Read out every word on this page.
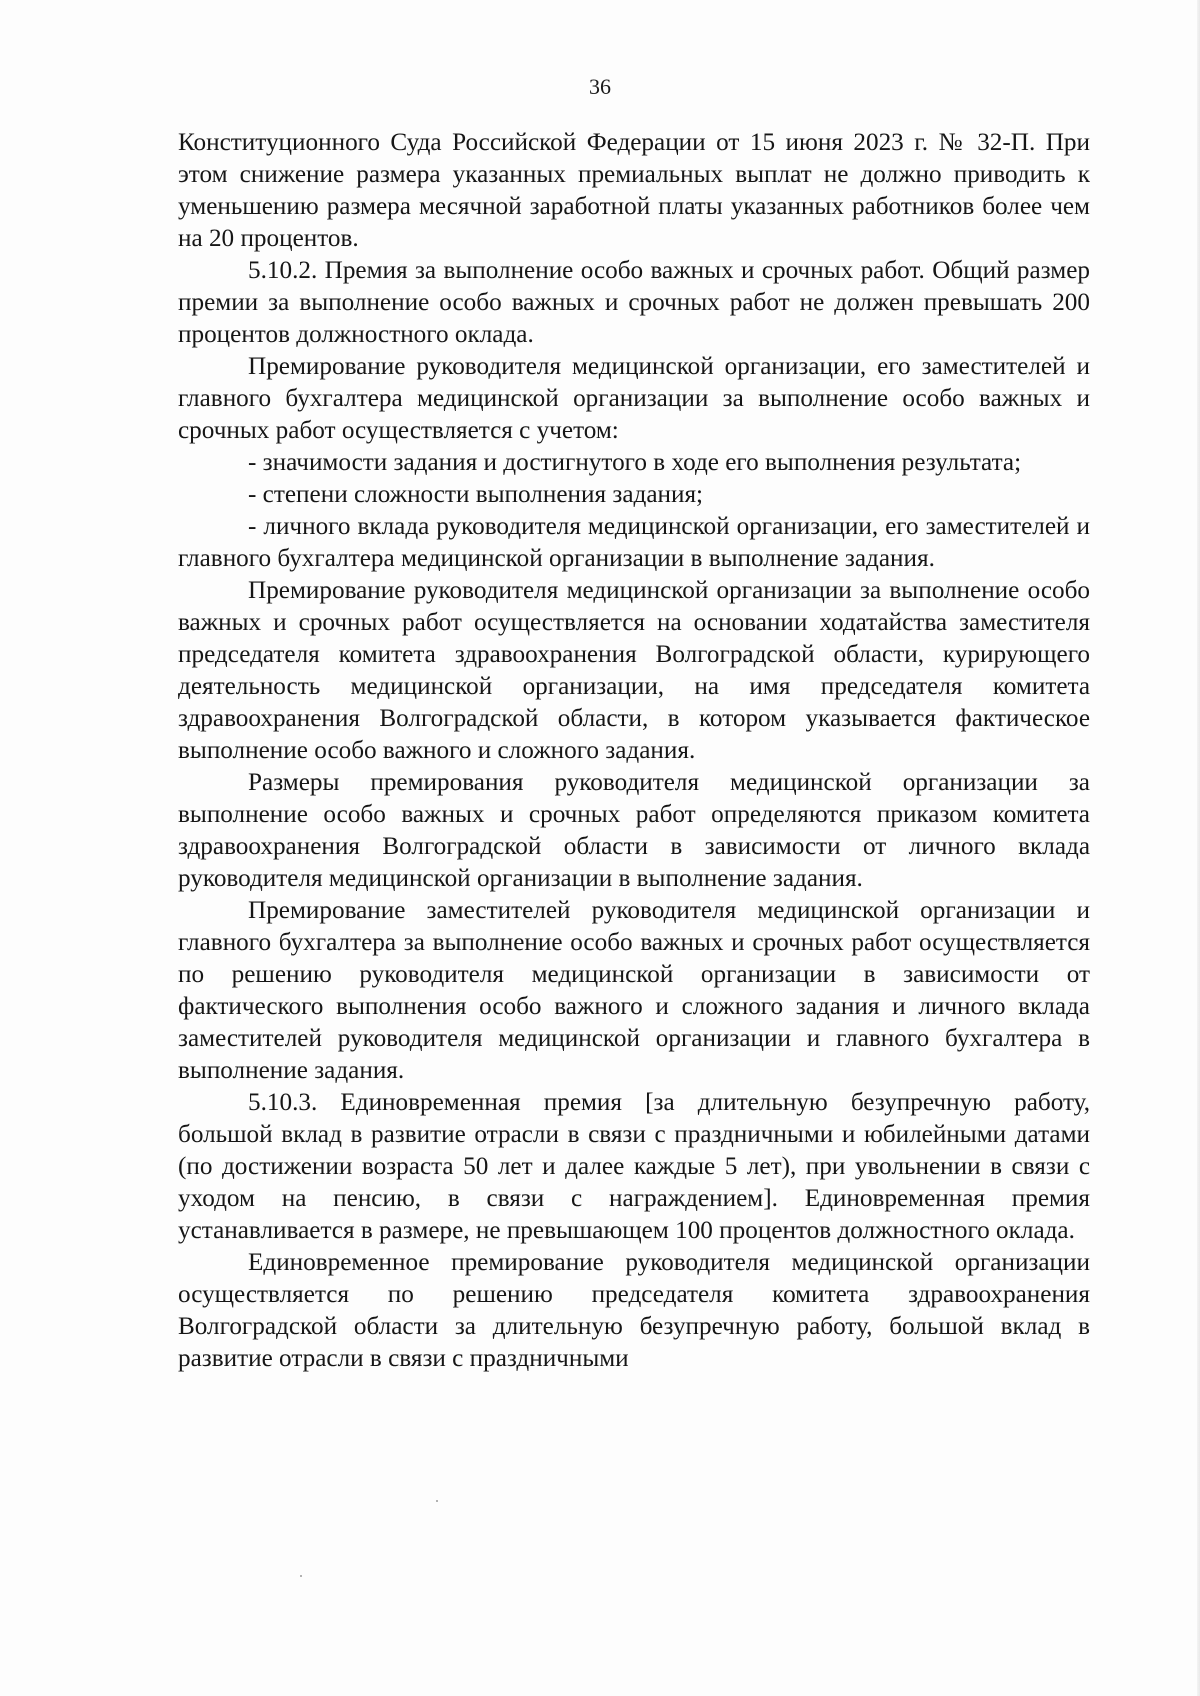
36

Конституционного Суда Российской Федерации от 15 июня 2023 г. № 32-П. При этом снижение размера указанных премиальных выплат не должно приводить к уменьшению размера месячной заработной платы указанных работников более чем на 20 процентов.

5.10.2. Премия за выполнение особо важных и срочных работ. Общий размер премии за выполнение особо важных и срочных работ не должен превышать 200 процентов должностного оклада.

Премирование руководителя медицинской организации, его заместителей и главного бухгалтера медицинской организации за выполнение особо важных и срочных работ осуществляется с учетом:

- значимости задания и достигнутого в ходе его выполнения результата;

- степени сложности выполнения задания;

- личного вклада руководителя медицинской организации, его заместителей и главного бухгалтера медицинской организации в выполнение задания.

Премирование руководителя медицинской организации за выполнение особо важных и срочных работ осуществляется на основании ходатайства заместителя председателя комитета здравоохранения Волгоградской области, курирующего деятельность медицинской организации, на имя председателя комитета здравоохранения Волгоградской области, в котором указывается фактическое выполнение особо важного и сложного задания.

Размеры премирования руководителя медицинской организации за выполнение особо важных и срочных работ определяются приказом комитета здравоохранения Волгоградской области в зависимости от личного вклада руководителя медицинской организации в выполнение задания.

Премирование заместителей руководителя медицинской организации и главного бухгалтера за выполнение особо важных и срочных работ осуществляется по решению руководителя медицинской организации в зависимости от фактического выполнения особо важного и сложного задания и личного вклада заместителей руководителя медицинской организации и главного бухгалтера в выполнение задания.

5.10.3. Единовременная премия [за длительную безупречную работу, большой вклад в развитие отрасли в связи с праздничными и юбилейными датами (по достижении возраста 50 лет и далее каждые 5 лет), при увольнении в связи с уходом на пенсию, в связи с награждением]. Единовременная премия устанавливается в размере, не превышающем 100 процентов должностного оклада.

Единовременное премирование руководителя медицинской организации осуществляется по решению председателя комитета здравоохранения Волгоградской области за длительную безупречную работу, большой вклад в развитие отрасли в связи с праздничными
